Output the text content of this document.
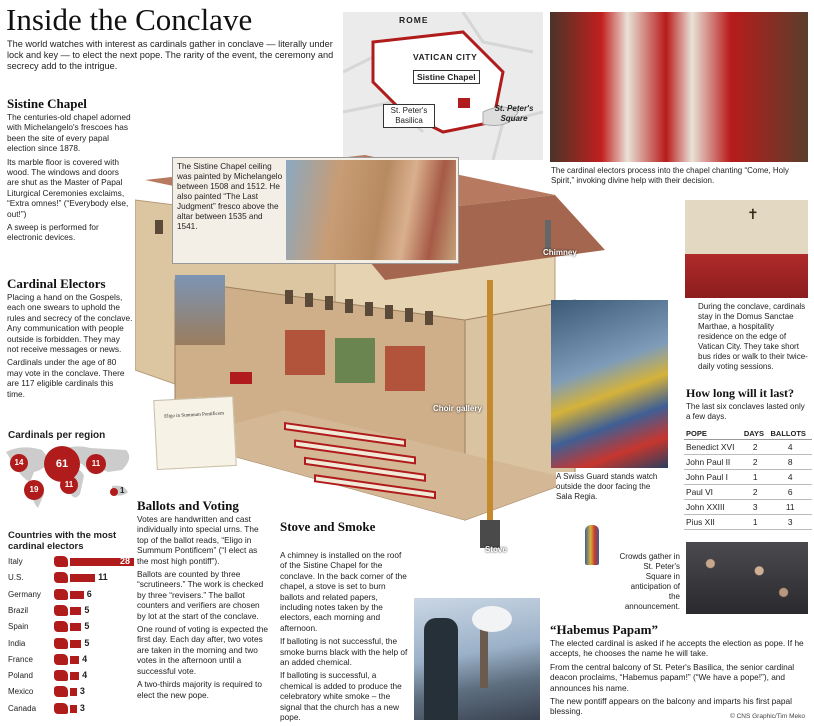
Inside the Conclave
The world watches with interest as cardinals gather in conclave — literally under lock and key — to elect the next pope. The rarity of the event, the ceremony and secrecy add to the intrigue.
Sistine Chapel

The centuries-old chapel adorned with Michelangelo's frescoes has been the site of every papal election since 1878.

Its marble floor is covered with wood. The windows and doors are shut as the Master of Papal Liturgical Ceremonies exclaims, “Extra omnes!” (“Everybody else, out!”)

A sweep is performed for electronic devices.

Cardinal Electors

Placing a hand on the Gospels, each one swears to uphold the rules and secrecy of the conclave. Any communication with people outside is forbidden. They may not receive messages or news.

Cardinals under the age of 80 may vote in the conclave. There are 117 eligible cardinals this time.

Cardinals per region
14	61	11
19
11
1
Countries with the most cardinal electors
Italy	28
U.S.	11
Germany	6
Brazil	5
Spain	5
India	5
France	4
Poland	4
Mexico	3
Canada	3
ROME
VATICAN CITY
Sistine Chapel
St. Peter's Basilica
St. Peter's Square
Chimney
Choir gallery
Stove
The Sistine Chapel ceiling was painted by Michelangelo between 1508 and 1512. He also painted “The Last Judgment” fresco above the altar between 1535 and 1541.
Eligo in Summum Pontificem
The cardinal electors process into the chapel chanting “Come, Holy Spirit,” invoking divine help with their decision.
✝
During the conclave, cardinals stay in the Domus Sanctae Marthae, a hospitality residence on the edge of Vatican City. They take short bus rides or walk to their twice-daily voting sessions.
A Swiss Guard stands watch outside the door facing the Sala Regia.
How long will it last?
The last six conclaves lasted only a few days.
POPE	DAYS	BALLOTS
Benedict XVI	2	4
John Paul II	2	8
John Paul I	1	4
Paul VI	2	6
John XXIII	3	11
Pius XII	1	3
Crowds gather in St. Peter's Square in anticipation of the announcement.
Ballots and Voting

Votes are handwritten and cast individually into special urns. The top of the ballot reads, “Eligo in Summum Pontificem” (“I elect as the most high pontiff”).

Ballots are counted by three “scrutineers.” The work is checked by three “revisers.” The ballot counters and verifiers are chosen by lot at the start of the conclave.

One round of voting is expected the first day. Each day after, two votes are taken in the morning and two votes in the afternoon until a successful vote.

A two-thirds majority is required to elect the new pope.

Stove and Smoke

A chimney is installed on the roof of the Sistine Chapel for the conclave. In the back corner of the chapel, a stove is set to burn ballots and related papers, including notes taken by the electors, each morning and afternoon.

If balloting is not successful, the smoke burns black with the help of an added chemical.

If balloting is successful, a chemical is added to produce the celebratory white smoke – the signal that the church has a new pope.

“Habemus Papam”

The elected cardinal is asked if he accepts the election as pope. If he accepts, he chooses the name he will take.

From the central balcony of St. Peter's Basilica, the senior cardinal deacon proclaims, “Habemus papam!” (“We have a pope!”), and announces his name.

The new pontiff appears on the balcony and imparts his first papal blessing.

© CNS Graphic/Tim Meko
